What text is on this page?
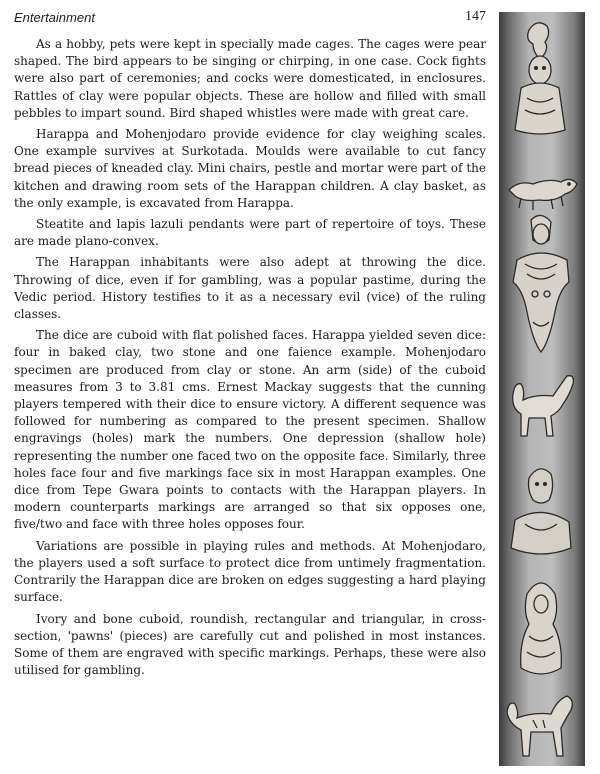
Entertainment	147

As a hobby, pets were kept in specially made cages. The cages were pear shaped. The bird appears to be singing or chirping, in one case. Cock fights were also part of ceremonies; and cocks were domesticated, in enclosures. Rattles of clay were popular objects. These are hollow and filled with small pebbles to impart sound. Bird shaped whistles were made with great care.

Harappa and Mohenjodaro provide evidence for clay weighing scales. One example survives at Surkotada. Moulds were available to cut fancy bread pieces of kneaded clay. Mini chairs, pestle and mortar were part of the kitchen and drawing room sets of the Harappan children. A clay basket, as the only example, is excavated from Harappa.

Steatite and lapis lazuli pendants were part of repertoire of toys. These are made plano-convex.

The Harappan inhabitants were also adept at throwing the dice. Throwing of dice, even if for gambling, was a popular pastime, during the Vedic period. History testifies to it as a necessary evil (vice) of the ruling classes.

The dice are cuboid with flat polished faces. Harappa yielded seven dice: four in baked clay, two stone and one faience example. Mohenjodaro specimen are produced from clay or stone. An arm (side) of the cuboid measures from 3 to 3.81 cms. Ernest Mackay suggests that the cunning players tempered with their dice to ensure victory. A different sequence was followed for numbering as compared to the present specimen. Shallow engravings (holes) mark the numbers. One depression (shallow hole) representing the number one faced two on the opposite face. Similarly, three holes face four and five markings face six in most Harappan examples. One dice from Tepe Gwara points to contacts with the Harappan players. In modern counterparts markings are arranged so that six opposes one, five/two and face with three holes opposes four.

Variations are possible in playing rules and methods. At Mohenjodaro, the players used a soft surface to protect dice from untimely fragmentation. Contrarily the Harappan dice are broken on edges suggesting a hard playing surface.

Ivory and bone cuboid, roundish, rectangular and triangular, in cross-section, 'pawns' (pieces) are carefully cut and polished in most instances. Some of them are engraved with specific markings. Perhaps, these were also utilised for gambling.
